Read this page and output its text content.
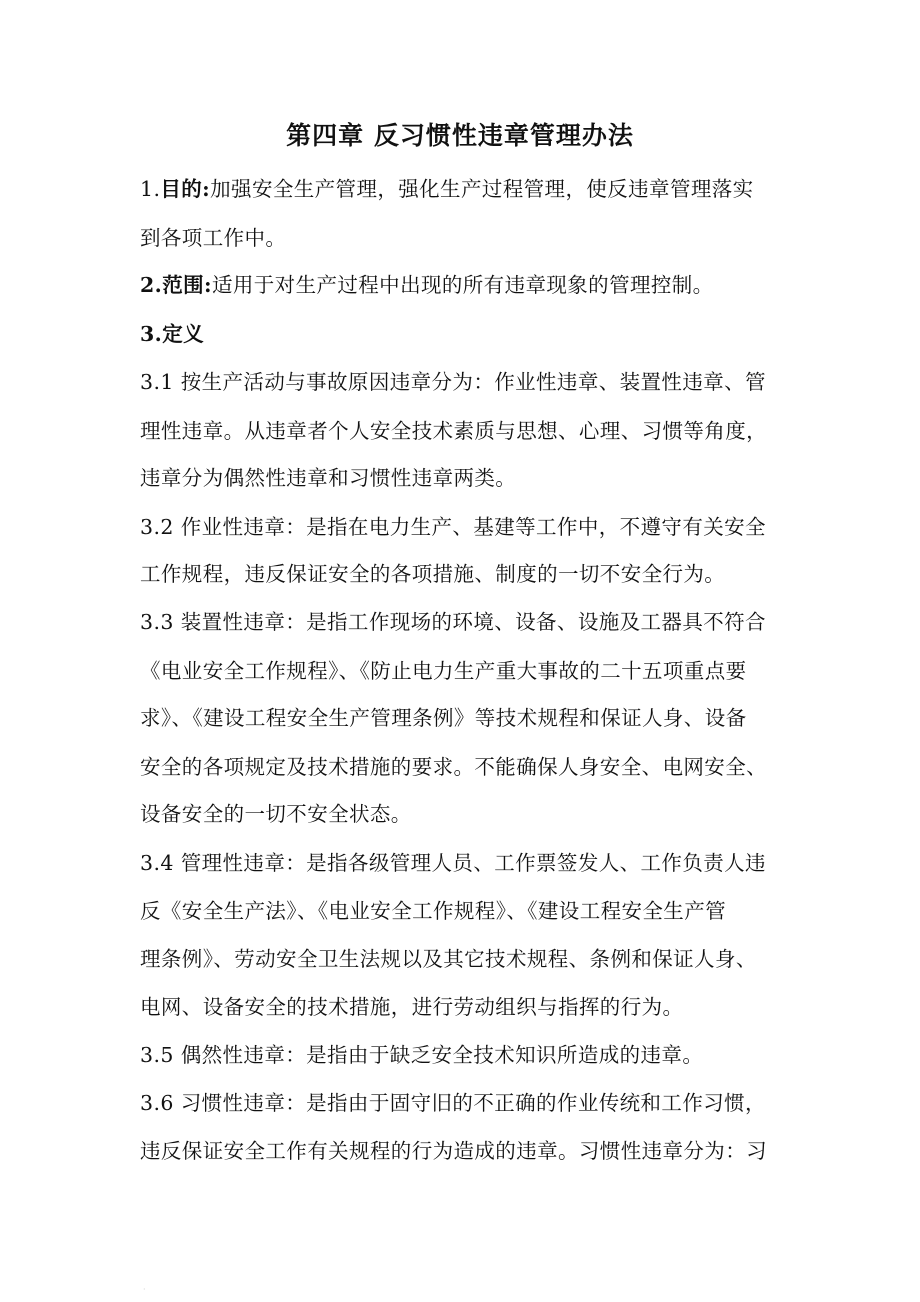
第四章 反习惯性违章管理办法
1.目的:加强安全生产管理，强化生产过程管理，使反违章管理落实
到各项工作中。
2.范围:适用于对生产过程中出现的所有违章现象的管理控制。
3.定义
3.1 按生产活动与事故原因违章分为：作业性违章、装置性违章、管
理性违章。从违章者个人安全技术素质与思想、心理、习惯等角度，
违章分为偶然性违章和习惯性违章两类。
3.2 作业性违章：是指在电力生产、基建等工作中，不遵守有关安全
工作规程，违反保证安全的各项措施、制度的一切不安全行为。
3.3 装置性违章：是指工作现场的环境、设备、设施及工器具不符合
《电业安全工作规程》、《防止电力生产重大事故的二十五项重点要
求》、《建设工程安全生产管理条例》等技术规程和保证人身、设备
安全的各项规定及技术措施的要求。不能确保人身安全、电网安全、
设备安全的一切不安全状态。
3.4 管理性违章：是指各级管理人员、工作票签发人、工作负责人违
反《安全生产法》、《电业安全工作规程》、《建设工程安全生产管
理条例》、劳动安全卫生法规以及其它技术规程、条例和保证人身、
电网、设备安全的技术措施，进行劳动组织与指挥的行为。
3.5 偶然性违章：是指由于缺乏安全技术知识所造成的违章。
3.6 习惯性违章：是指由于固守旧的不正确的作业传统和工作习惯，
违反保证安全工作有关规程的行为造成的违章。习惯性违章分为：习
·
